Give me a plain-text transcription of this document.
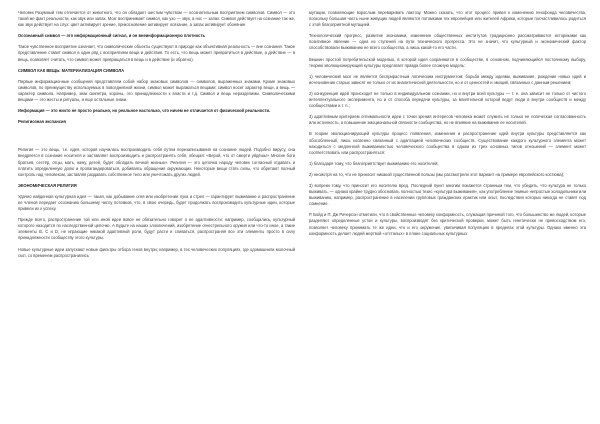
Человек Разумный тем отличается от животного, что он обладает шестым чувством — осознательным восприятием символов. Символ — это такой же факт реальности, как звук или запах. Мозг воспринимает символ, как ухо — звук, а нос — запах. Символ действует на сознание так же, как звук действует на слух: цвет активирует зрение, прикосновение активирует осязание, а запах активирует обоняние.

Осознанный символ — это информационный сигнал, и он внеинформационную плотность

Такое чувственное восприятие означает, что символические объекты существуют в природе как объективная реальность — вне сознания. Такое представление ставит символ в один ряд с восприятием вещи и действия. То есть, что вещь может превратиться в действие, а действие — в вещь, позволяет считать, что символ может превращаться в вещь и в действие (и обратно).

СИМВОЛ КАК ВЕЩЬ: МАТЕРИАЛИЗАЦИЯ СИМВОЛА

Первые информационные сообщения представляли собой набор знаковых символов — символов, выраженных знаками. Кроме знаковых символов, по преимуществу используемых в повседневной жизни, символ может выражаться вещами: символ носит характер вещи, а вещь — характер символа. Например, знак скипетра, короны, это принадлежности к власти и т.д. Символ и вещь неразделимы. Символическими вещами — это жесты и ритуалы, и еще остальные знаки.

Информация — это ничто не просто реально, но реальное настолько, что ничем не отличается от физической реальности.

Религиозная экспансия

Религия — это вещь, т.е. идея, которая научилась воспроизводить себя путем перезаписывания на сознание людей. Подобно вирусу, она внедряется в сознание носителя и заставляет воспроизводить и распространять себя, обещая: «Верой, что от смерти уйдёшь!» Многие боги братьев, сестёр, отцы, мать, жену, детей, будет обладать вечной жизнью». Религия — это цепочка народу человек согласный отдавать и платить определенную долю и пропагандироваться, добиваясь обращения окружающих. Некоторые вещи стать силы, что обретают полный контроль над человеком, заставляя раздавать собственное тело или уничтожать других людей.

ЭКОНОМИЧЕСКАЯ РЕЛИГИЯ

Удачно найденная культурная идея — такая, как добывание огня или изобретение лука и стрел — гарантирует выживание и распространение ее членов передает осознанию большему числу потомков, что, в свою очередь, будет продолжать воспроизводить культурные идеи, которые привели их к успеху.

Прежде всего, распространение той или иной идеи вовсе не обязательно говорит о ее адаптивности: например, сообщались, культурный которого находится по наследственной цепочке. А Будьте на наших злоключений, изобретение огнестрельного оружия или что-то иное, а такие элементы В, С и D, не играющие никакой адаптивной роли, будут расти и сливаться, распространяя все эти элементы просто в силу принадлежности сообществу этого культуры.

Новые культурные идеи запускают новые фильтры отбора генов внутри; например, в тех человеческих популяциях, где одомашнили молочный скот, со временем распространились

мутации, позволяющие взрослым переваривать лактозу. Можно сказать, что этот процесс привел к изменению генофонда человечества, поскольку большая часть ныне живущих людей являются потомками тех европейцев или жителей Африки, которые посчастливилось родиться с этой благоприятной мутацией.

Технологический прогресс, развитие экономики, изменение общественных институтов традиционно рассматриваются историками как позитивное явление — одна из ступеней на пути технического прогресса. Это не значит, что культурный и экономический фактор способствовали выживанию не всего сообщества, а лишь какой-то его части.

Вешкин простой потребительской моделью, в которой идея сохраняются в сообществе, в основном, подчиняющийся постоянному выбору, теорию эволюционирующей культуры предлагает правда более сложную модель:

1) человеческий мозг не является бесприрастным логическим инструментом: борьба между идеями, выживание, рождение новых идей и исчезновение старых зависят не только от их аналитической деятельности, но и от ценностей и эмоций, связанных с данным решением;

2) конкуренция идей происходит не только в индивидуальном сознании, но и внутри всей культуры — т. е. она зависит не только от чистого интеллектуального эксперимента, но и от способа передачи культуры, за влиятельной которой ведут люди в внутри сообществ и между сообществами и т. п.;

3) адаптивным критерием оптимальности идеи с точки зрения интересов человека может служить не только ее логическая согласованность или истинность, а повышение эмоциональной связности сообщества, но не влияние на выживание ее носителей.

В теории эволюционирующей культуры процесс появления, изменения и распространение идей внутри культуры представляется как обособленный, лишь косвенно связанный с адаптацией человеческих сообществ. Существование каждого культурного элемента может находиться с медленной выживаемостью человеческого сообщества в одном из трех основных типов отношений — элемент может соответствовать или распространяться:

1) благодаря тому, что благоприятствует выживанию его носителей;

2) несмотря на то, что не приносит никакой существенной пользы (мы рассмотрели этот вариант на примере европейского костюма);

3) вопреки тому, что приносит его носителю вред. Последний пункт многим покажется странным тем, что убедить, что культура не только выживать, — однако крайне трудно обосновать полностью тезис «культура выживания», как употребление темные непростые холодильники или выживанию, например, распространение в населении групповых гражданских практик или опыт, последствия которых никогда не ставят под сомнение.

Р. Бойд и П. Дж Ричерсон отметили, что в свойственные человеку конформность, служащая причиной того, что большинство же людей, которые разделяют определенные устои и культуры, воспроизводят без критической проверки, может быть генетически не превосходством его, позволяет человеку принимать те же идеи, что и его окружение, увеличивая популяцию в пределах этой культуры. Однако именно эта конформность делает людей жертвой «отсталых» в плане социальных культурных
